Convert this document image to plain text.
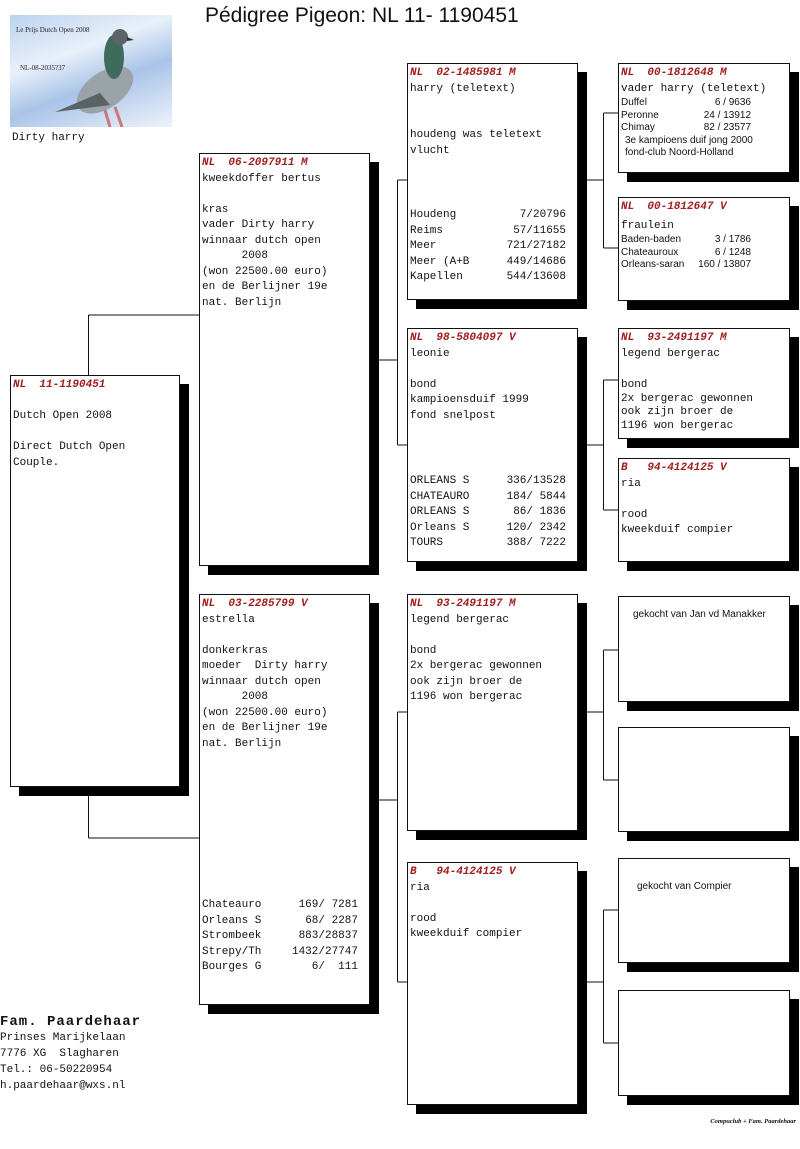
Pédigree Pigeon: NL 11- 1190451
Le Prijs Dutch Open 2008
NL-08-2035?37
Dirty harry
NL  11-1190451

Dutch Open 2008

Direct Dutch Open
Couple.
NL  06-2097911 M
kweekdoffer bertus

kras
vader Dirty harry
winnaar dutch open
2008
(won 22500.00 euro)
en de Berlijner 19e
nat. Berlijn
NL  03-2285799 V
estrella

donkerkras
moeder  Dirty harry
winnaar dutch open
2008
(won 22500.00 euro)
en de Berlijner 19e
nat. Berlijn
Chateauro	169/ 7281
Orleans S	68/ 2287
Strombeek	883/28837
Strepy/Th	1432/27747
Bourges G	6/  111
NL  02-1485981 M
harry (teletext)

houdeng was teletext
vlucht
Houdeng	7/20796
Reims	57/11655
Meer	721/27182
Meer (A+B	449/14686
Kapellen	544/13608
NL  98-5804097 V
leonie

bond
kampioensduif 1999
fond snelpost
ORLEANS S	336/13528
CHATEAURO	184/ 5844
ORLEANS S	86/ 1836
Orleans S	120/ 2342
TOURS	388/ 7222
NL  93-2491197 M
legend bergerac

bond
2x bergerac gewonnen
ook zijn broer de
1196 won bergerac
B   94-4124125 V
ria

rood
kweekduif compier
NL  00-1812648 M
vader harry (teletext)
Duffel	6 / 9636
Peronne	24 / 13912
Chimay	82 / 23577
3e kampioens duif jong 2000
fond-club Noord-Holland
NL  00-1812647 V
fraulein
Baden-baden	3 / 1786
Chateauroux	6 / 1248
Orleans-saran	160 / 13807
NL  93-2491197 M
legend bergerac

bond
2x bergerac gewonnen
ook zijn broer de
1196 won bergerac
B   94-4124125 V
ria

rood
kweekduif compier
gekocht van Jan vd Manakker
gekocht van Compier
Fam. Paardehaar
Prinses Marijkelaan
7776 XG  Slagharen
Tel.: 06-50220954
h.paardehaar@wxs.nl
Compuclub + Fam. Paardehaar
